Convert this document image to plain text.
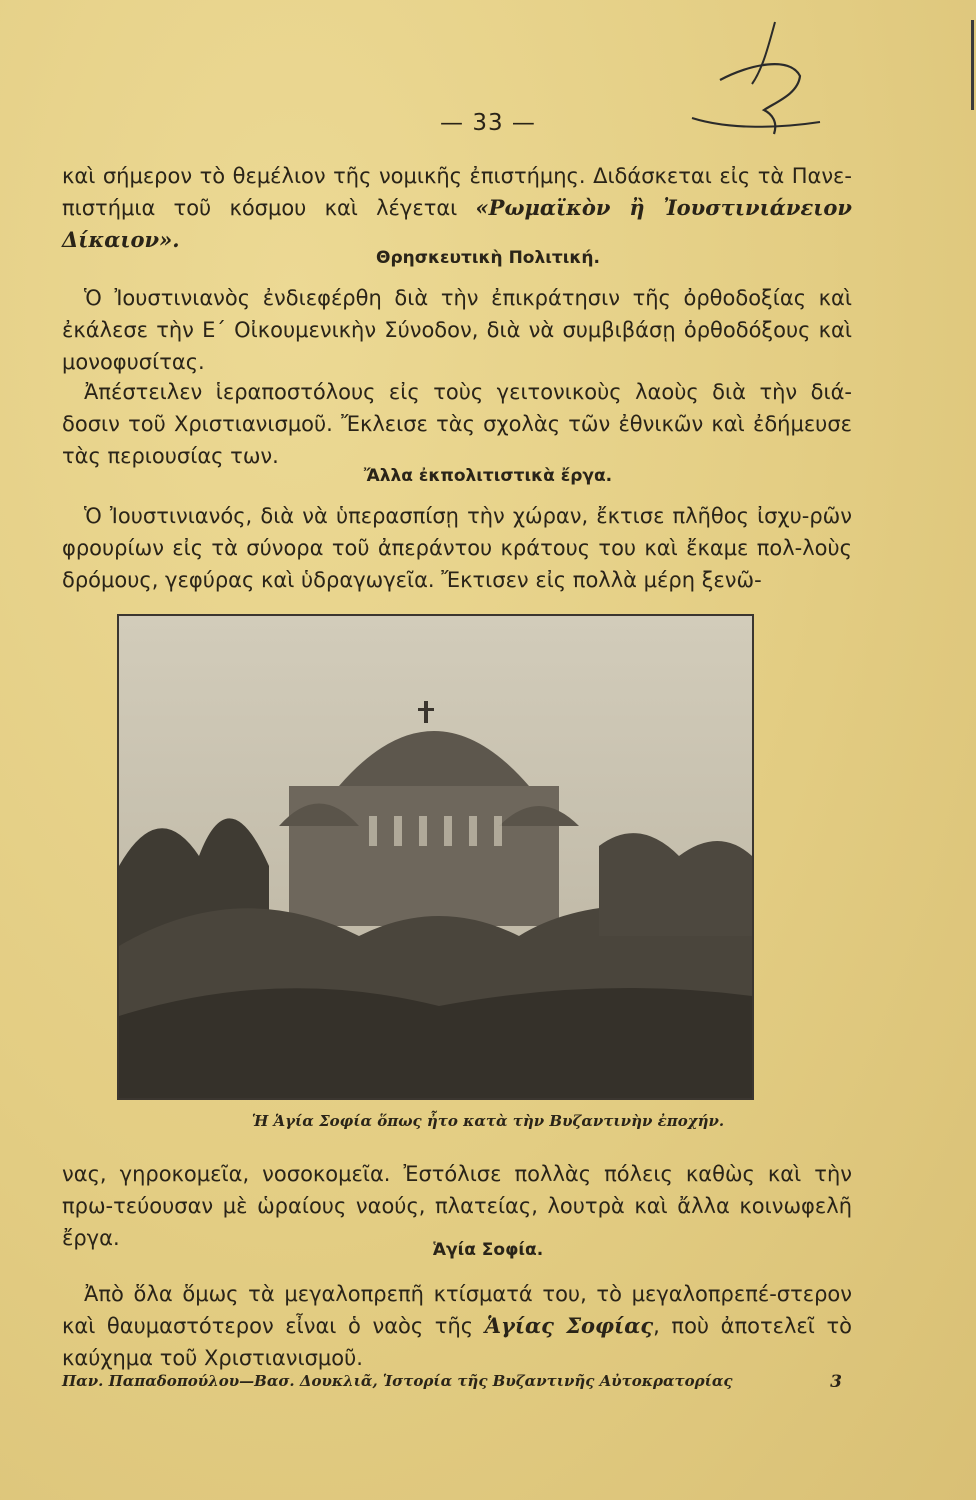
— 33 —

καὶ σήμερον τὸ θεμέλιον τῆς νομικῆς ἐπιστήμης. Διδάσκεται εἰς τὰ Πανε-πιστήμια τοῦ κόσμου καὶ λέγεται «Ρωμαϊκὸν ἢ Ἰουστινιάνειον Δίκαιον».

Θρησκευτικὴ Πολιτική.

Ὁ Ἰουστινιανὸς ἐνδιεφέρθη διὰ τὴν ἐπικράτησιν τῆς ὀρθοδοξίας καὶ ἐκάλεσε τὴν Ε΄ Οἰκουμενικὴν Σύνοδον, διὰ νὰ συμβιβάσῃ ὀρθοδόξους καὶ μονοφυσίτας.

Ἀπέστειλεν ἱεραποστόλους εἰς τοὺς γειτονικοὺς λαοὺς διὰ τὴν διά-δοσιν τοῦ Χριστιανισμοῦ. Ἔκλεισε τὰς σχολὰς τῶν ἐθνικῶν καὶ ἐδήμευσε τὰς περιουσίας των.

Ἄλλα ἐκπολιτιστικὰ ἔργα.

Ὁ Ἰουστινιανός, διὰ νὰ ὑπερασπίσῃ τὴν χώραν, ἔκτισε πλῆθος ἰσχυ-ρῶν φρουρίων εἰς τὰ σύνορα τοῦ ἀπεράντου κράτους του καὶ ἔκαμε πολ-λοὺς δρόμους, γεφύρας καὶ ὑδραγωγεῖα. Ἔκτισεν εἰς πολλὰ μέρη ξενῶ-

Ἡ Ἁγία Σοφία ὅπως ἦτο κατὰ τὴν Βυζαντινὴν ἐποχήν.

νας, γηροκομεῖα, νοσοκομεῖα. Ἐστόλισε πολλὰς πόλεις καθὼς καὶ τὴν πρω-τεύουσαν μὲ ὡραίους ναούς, πλατείας, λουτρὰ καὶ ἄλλα κοινωφελῆ ἔργα.	Ἁγία Σοφία.

Ἀπὸ ὅλα ὅμως τὰ μεγαλοπρεπῆ κτίσματά του, τὸ μεγαλοπρεπέ-στερον καὶ θαυμαστότερον εἶναι ὁ ναὸς τῆς Ἁγίας Σοφίας, ποὺ ἀποτελεῖ τὸ καύχημα τοῦ Χριστιανισμοῦ.

Παν. Παπαδοπούλου—Βασ. Δουκλιᾶ, Ἱστορία τῆς Βυζαντινῆς Αὐτοκρατορίας	3
